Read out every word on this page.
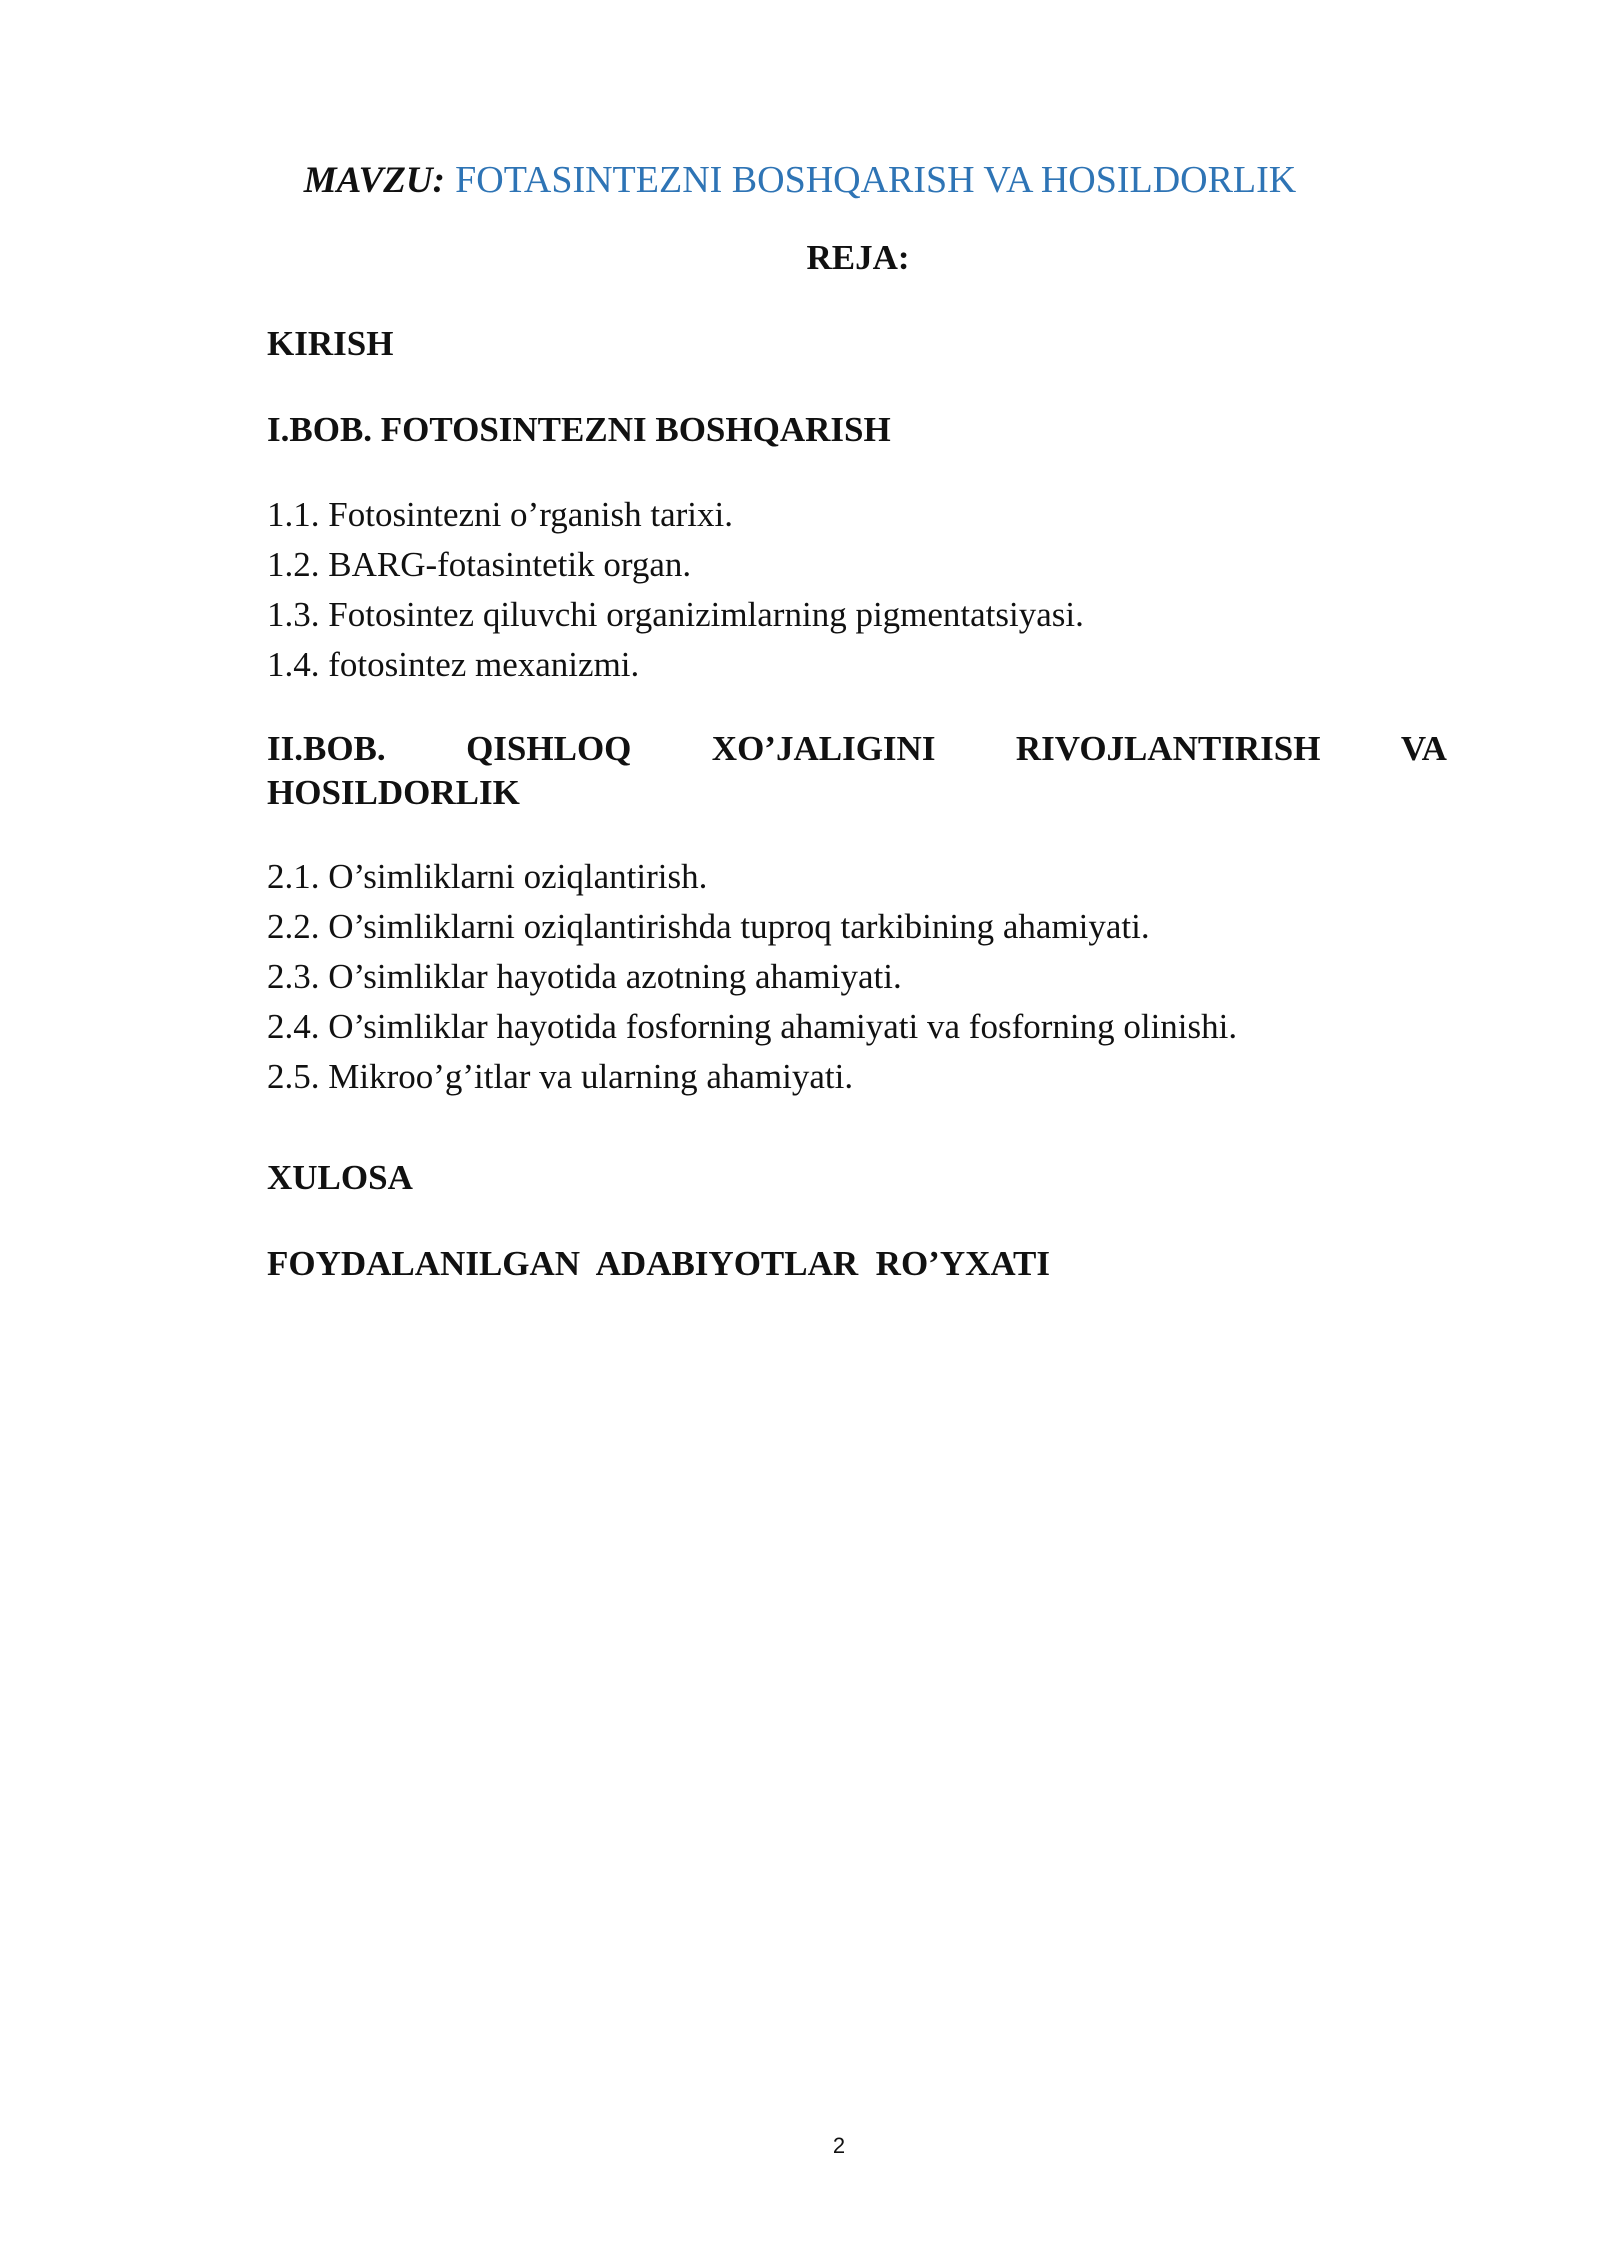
MAVZU: FOTASINTEZNI BOSHQARISH VA HOSILDORLIK
REJA:

KIRISH

I.BOB. FOTOSINTEZNI BOSHQARISH

1.1. Fotosintezni o’rganish tarixi.

1.2. BARG-fotasintetik organ.

1.3. Fotosintez qiluvchi organizimlarning pigmentatsiyasi.

1.4. fotosintez mexanizmi.

II.BOB. QISHLOQ XO’JALIGINI RIVOJLANTIRISH VA

HOSILDORLIK

2.1. O’simliklarni oziqlantirish.

2.2. O’simliklarni oziqlantirishda tuproq tarkibining ahamiyati.

2.3. O’simliklar hayotida azotning ahamiyati.

2.4. O’simliklar hayotida fosforning ahamiyati va fosforning olinishi.

2.5. Mikroo’g’itlar va ularning ahamiyati.

XULOSA

FOYDALANILGAN  ADABIYOTLAR  RO’YXATI

2
